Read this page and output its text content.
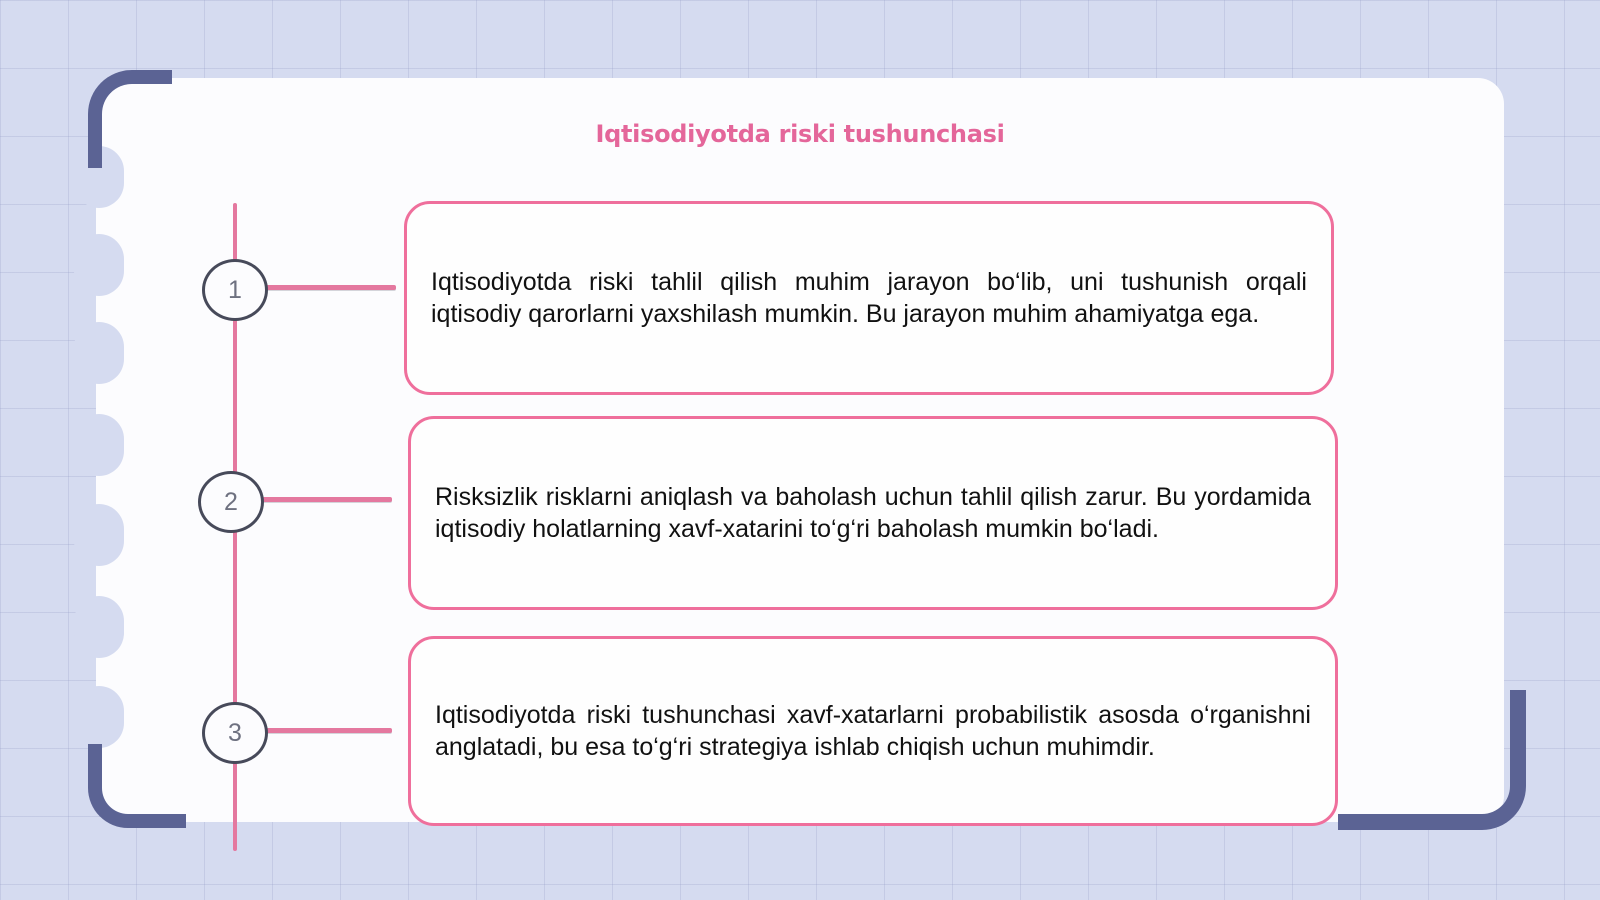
Iqtisodiyotda riski tushunchasi
1	Iqtisodiyotda riski tahlil qilish muhim jarayon bo‘lib, uni tushunish orqali iqtisodiy qarorlarni yaxshilash mumkin. Bu jarayon muhim ahamiyatga ega.
2	Risksizlik risklarni aniqlash va baholash uchun tahlil qilish zarur. Bu yordamida iqtisodiy holatlarning xavf-xatarini to‘g‘ri baholash mumkin bo‘ladi.
3
Iqtisodiyotda riski tushunchasi xavf-xatarlarni probabilistik asosda o‘rganishni anglatadi, bu esa to‘g‘ri strategiya ishlab chiqish uchun muhimdir.
